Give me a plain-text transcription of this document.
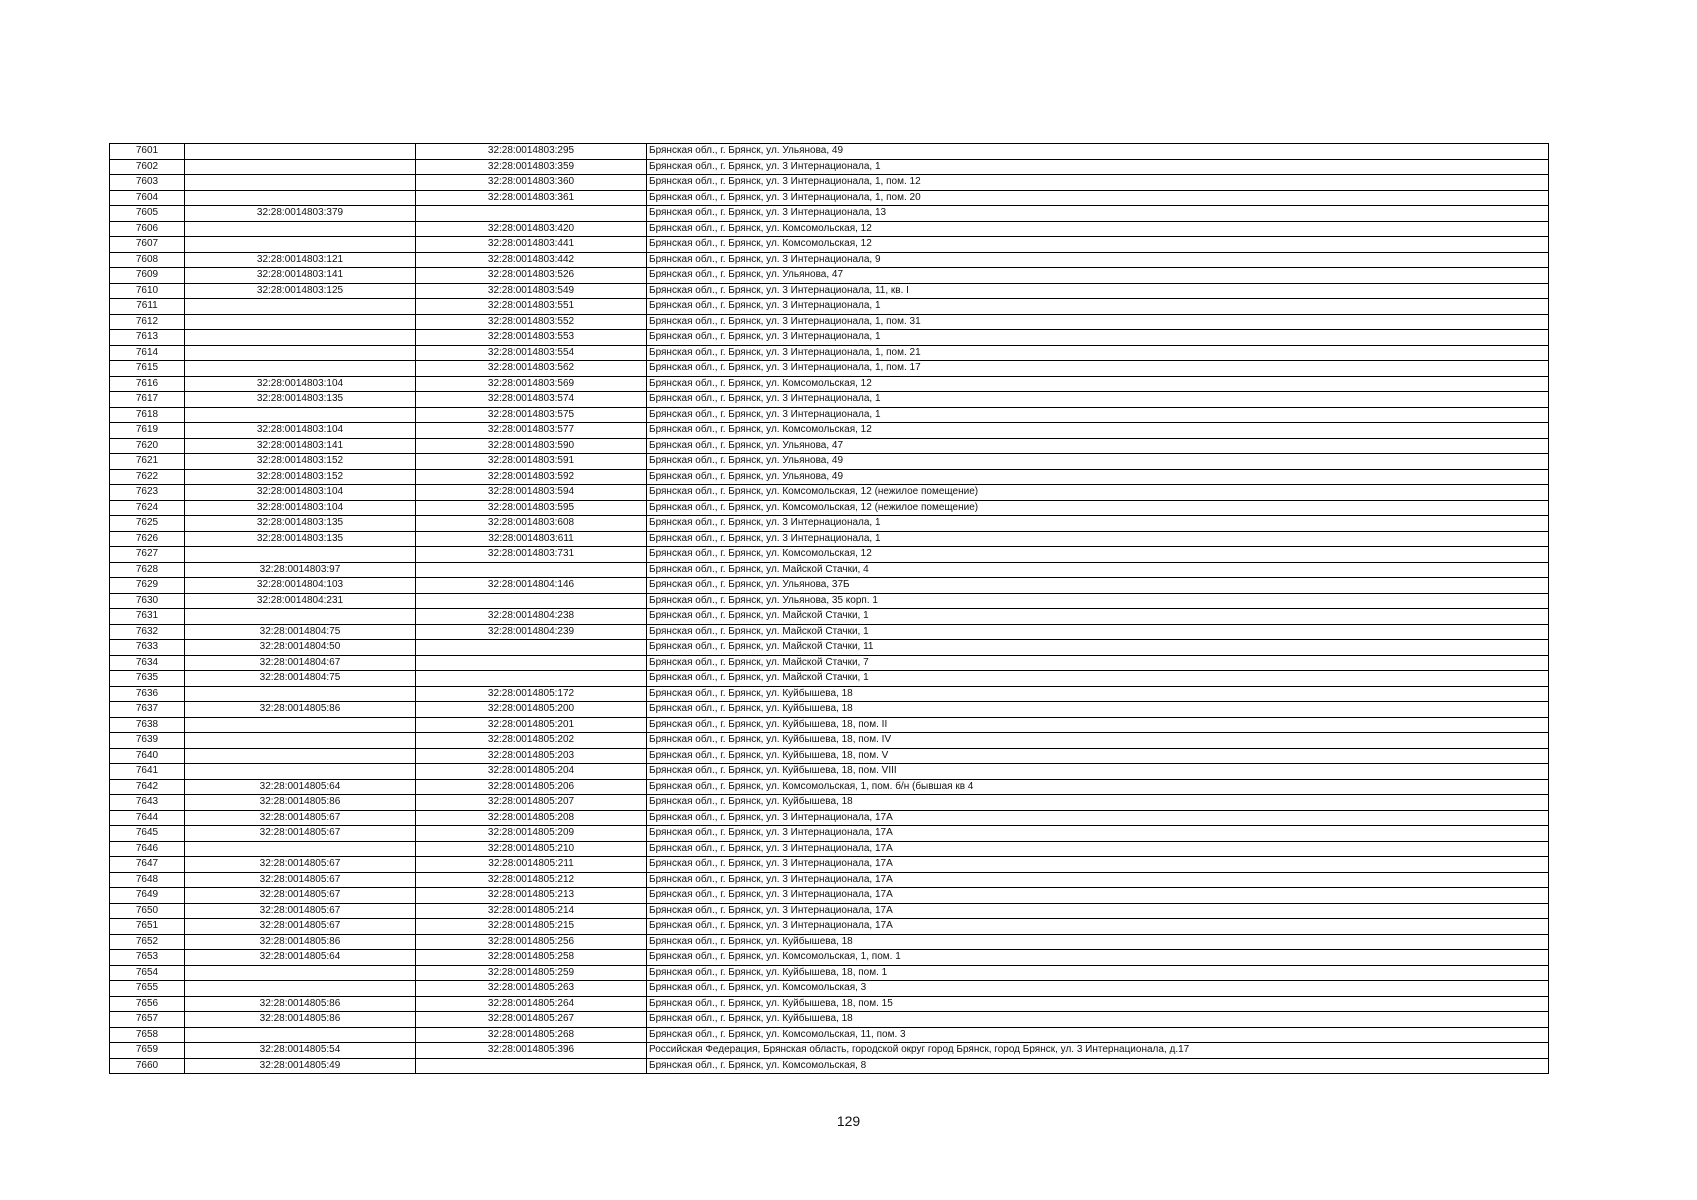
7601		32:28:0014803:295	Брянская обл., г. Брянск, ул. Ульянова, 49
7602		32:28:0014803:359	Брянская обл., г. Брянск, ул. 3 Интернационала, 1
7603		32:28:0014803:360	Брянская обл., г. Брянск, ул. 3 Интернационала, 1, пом. 12
7604		32:28:0014803:361	Брянская обл., г. Брянск, ул. 3 Интернационала, 1, пом. 20
7605	32:28:0014803:379		Брянская обл., г. Брянск, ул. 3 Интернационала, 13
7606		32:28:0014803:420	Брянская обл., г. Брянск, ул. Комсомольская, 12
7607		32:28:0014803:441	Брянская обл., г. Брянск, ул. Комсомольская, 12
7608	32:28:0014803:121	32:28:0014803:442	Брянская обл., г. Брянск, ул. 3 Интернационала, 9
7609	32:28:0014803:141	32:28:0014803:526	Брянская обл., г. Брянск, ул. Ульянова, 47
7610	32:28:0014803:125	32:28:0014803:549	Брянская обл., г. Брянск, ул. 3 Интернационала, 11, кв. I
7611		32:28:0014803:551	Брянская обл., г. Брянск, ул. 3 Интернационала, 1
7612		32:28:0014803:552	Брянская обл., г. Брянск, ул. 3 Интернационала, 1, пом. 31
7613		32:28:0014803:553	Брянская обл., г. Брянск, ул. 3 Интернационала, 1
7614		32:28:0014803:554	Брянская обл., г. Брянск, ул. 3 Интернационала, 1, пом. 21
7615		32:28:0014803:562	Брянская обл., г. Брянск, ул. 3 Интернационала, 1, пом. 17
7616	32:28:0014803:104	32:28:0014803:569	Брянская обл., г. Брянск, ул. Комсомольская, 12
7617	32:28:0014803:135	32:28:0014803:574	Брянская обл., г. Брянск, ул. 3 Интернационала, 1
7618		32:28:0014803:575	Брянская обл., г. Брянск, ул. 3 Интернационала, 1
7619	32:28:0014803:104	32:28:0014803:577	Брянская обл., г. Брянск, ул. Комсомольская, 12
7620	32:28:0014803:141	32:28:0014803:590	Брянская обл., г. Брянск, ул. Ульянова, 47
7621	32:28:0014803:152	32:28:0014803:591	Брянская обл., г. Брянск, ул. Ульянова, 49
7622	32:28:0014803:152	32:28:0014803:592	Брянская обл., г. Брянск, ул. Ульянова, 49
7623	32:28:0014803:104	32:28:0014803:594	Брянская обл., г. Брянск, ул. Комсомольская, 12 (нежилое помещение)
7624	32:28:0014803:104	32:28:0014803:595	Брянская обл., г. Брянск, ул. Комсомольская, 12 (нежилое помещение)
7625	32:28:0014803:135	32:28:0014803:608	Брянская обл., г. Брянск, ул. 3 Интернационала, 1
7626	32:28:0014803:135	32:28:0014803:611	Брянская обл., г. Брянск, ул. 3 Интернационала, 1
7627		32:28:0014803:731	Брянская обл., г. Брянск, ул. Комсомольская, 12
7628	32:28:0014803:97		Брянская обл., г. Брянск, ул. Майской Стачки, 4
7629	32:28:0014804:103	32:28:0014804:146	Брянская обл., г. Брянск, ул. Ульянова, 37Б
7630	32:28:0014804:231		Брянская обл., г. Брянск, ул. Ульянова, 35 корп. 1
7631		32:28:0014804:238	Брянская обл., г. Брянск, ул. Майской Стачки, 1
7632	32:28:0014804:75	32:28:0014804:239	Брянская обл., г. Брянск, ул. Майской Стачки, 1
7633	32:28:0014804:50		Брянская обл., г. Брянск, ул. Майской Стачки, 11
7634	32:28:0014804:67		Брянская обл., г. Брянск, ул. Майской Стачки, 7
7635	32:28:0014804:75		Брянская обл., г. Брянск, ул. Майской Стачки, 1
7636		32:28:0014805:172	Брянская обл., г. Брянск, ул. Куйбышева, 18
7637	32:28:0014805:86	32:28:0014805:200	Брянская обл., г. Брянск, ул. Куйбышева, 18
7638		32:28:0014805:201	Брянская обл., г. Брянск, ул. Куйбышева, 18, пом. II
7639		32:28:0014805:202	Брянская обл., г. Брянск, ул. Куйбышева, 18, пом. IV
7640		32:28:0014805:203	Брянская обл., г. Брянск, ул. Куйбышева, 18, пом. V
7641		32:28:0014805:204	Брянская обл., г. Брянск, ул. Куйбышева, 18, пом. VIII
7642	32:28:0014805:64	32:28:0014805:206	Брянская обл., г. Брянск, ул. Комсомольская, 1, пом. б/н (бывшая кв 4
7643	32:28:0014805:86	32:28:0014805:207	Брянская обл., г. Брянск, ул. Куйбышева, 18
7644	32:28:0014805:67	32:28:0014805:208	Брянская обл., г. Брянск, ул. 3 Интернационала, 17А
7645	32:28:0014805:67	32:28:0014805:209	Брянская обл., г. Брянск, ул. 3 Интернационала, 17А
7646		32:28:0014805:210	Брянская обл., г. Брянск, ул. 3 Интернационала, 17А
7647	32:28:0014805:67	32:28:0014805:211	Брянская обл., г. Брянск, ул. 3 Интернационала, 17А
7648	32:28:0014805:67	32:28:0014805:212	Брянская обл., г. Брянск, ул. 3 Интернационала, 17А
7649	32:28:0014805:67	32:28:0014805:213	Брянская обл., г. Брянск, ул. 3 Интернационала, 17А
7650	32:28:0014805:67	32:28:0014805:214	Брянская обл., г. Брянск, ул. 3 Интернационала, 17А
7651	32:28:0014805:67	32:28:0014805:215	Брянская обл., г. Брянск, ул. 3 Интернационала, 17А
7652	32:28:0014805:86	32:28:0014805:256	Брянская обл., г. Брянск, ул. Куйбышева, 18
7653	32:28:0014805:64	32:28:0014805:258	Брянская обл., г. Брянск, ул. Комсомольская, 1, пом. 1
7654		32:28:0014805:259	Брянская обл., г. Брянск, ул. Куйбышева, 18, пом. 1
7655		32:28:0014805:263	Брянская обл., г. Брянск, ул. Комсомольская, 3
7656	32:28:0014805:86	32:28:0014805:264	Брянская обл., г. Брянск, ул. Куйбышева, 18, пом. 15
7657	32:28:0014805:86	32:28:0014805:267	Брянская обл., г. Брянск, ул. Куйбышева, 18
7658		32:28:0014805:268	Брянская обл., г. Брянск, ул. Комсомольская, 11, пом. 3
7659	32:28:0014805:54	32:28:0014805:396	Российская Федерация, Брянская область, городской округ город Брянск, город Брянск, ул. 3 Интернационала, д.17
7660	32:28:0014805:49		Брянская обл., г. Брянск, ул. Комсомольская, 8
129
